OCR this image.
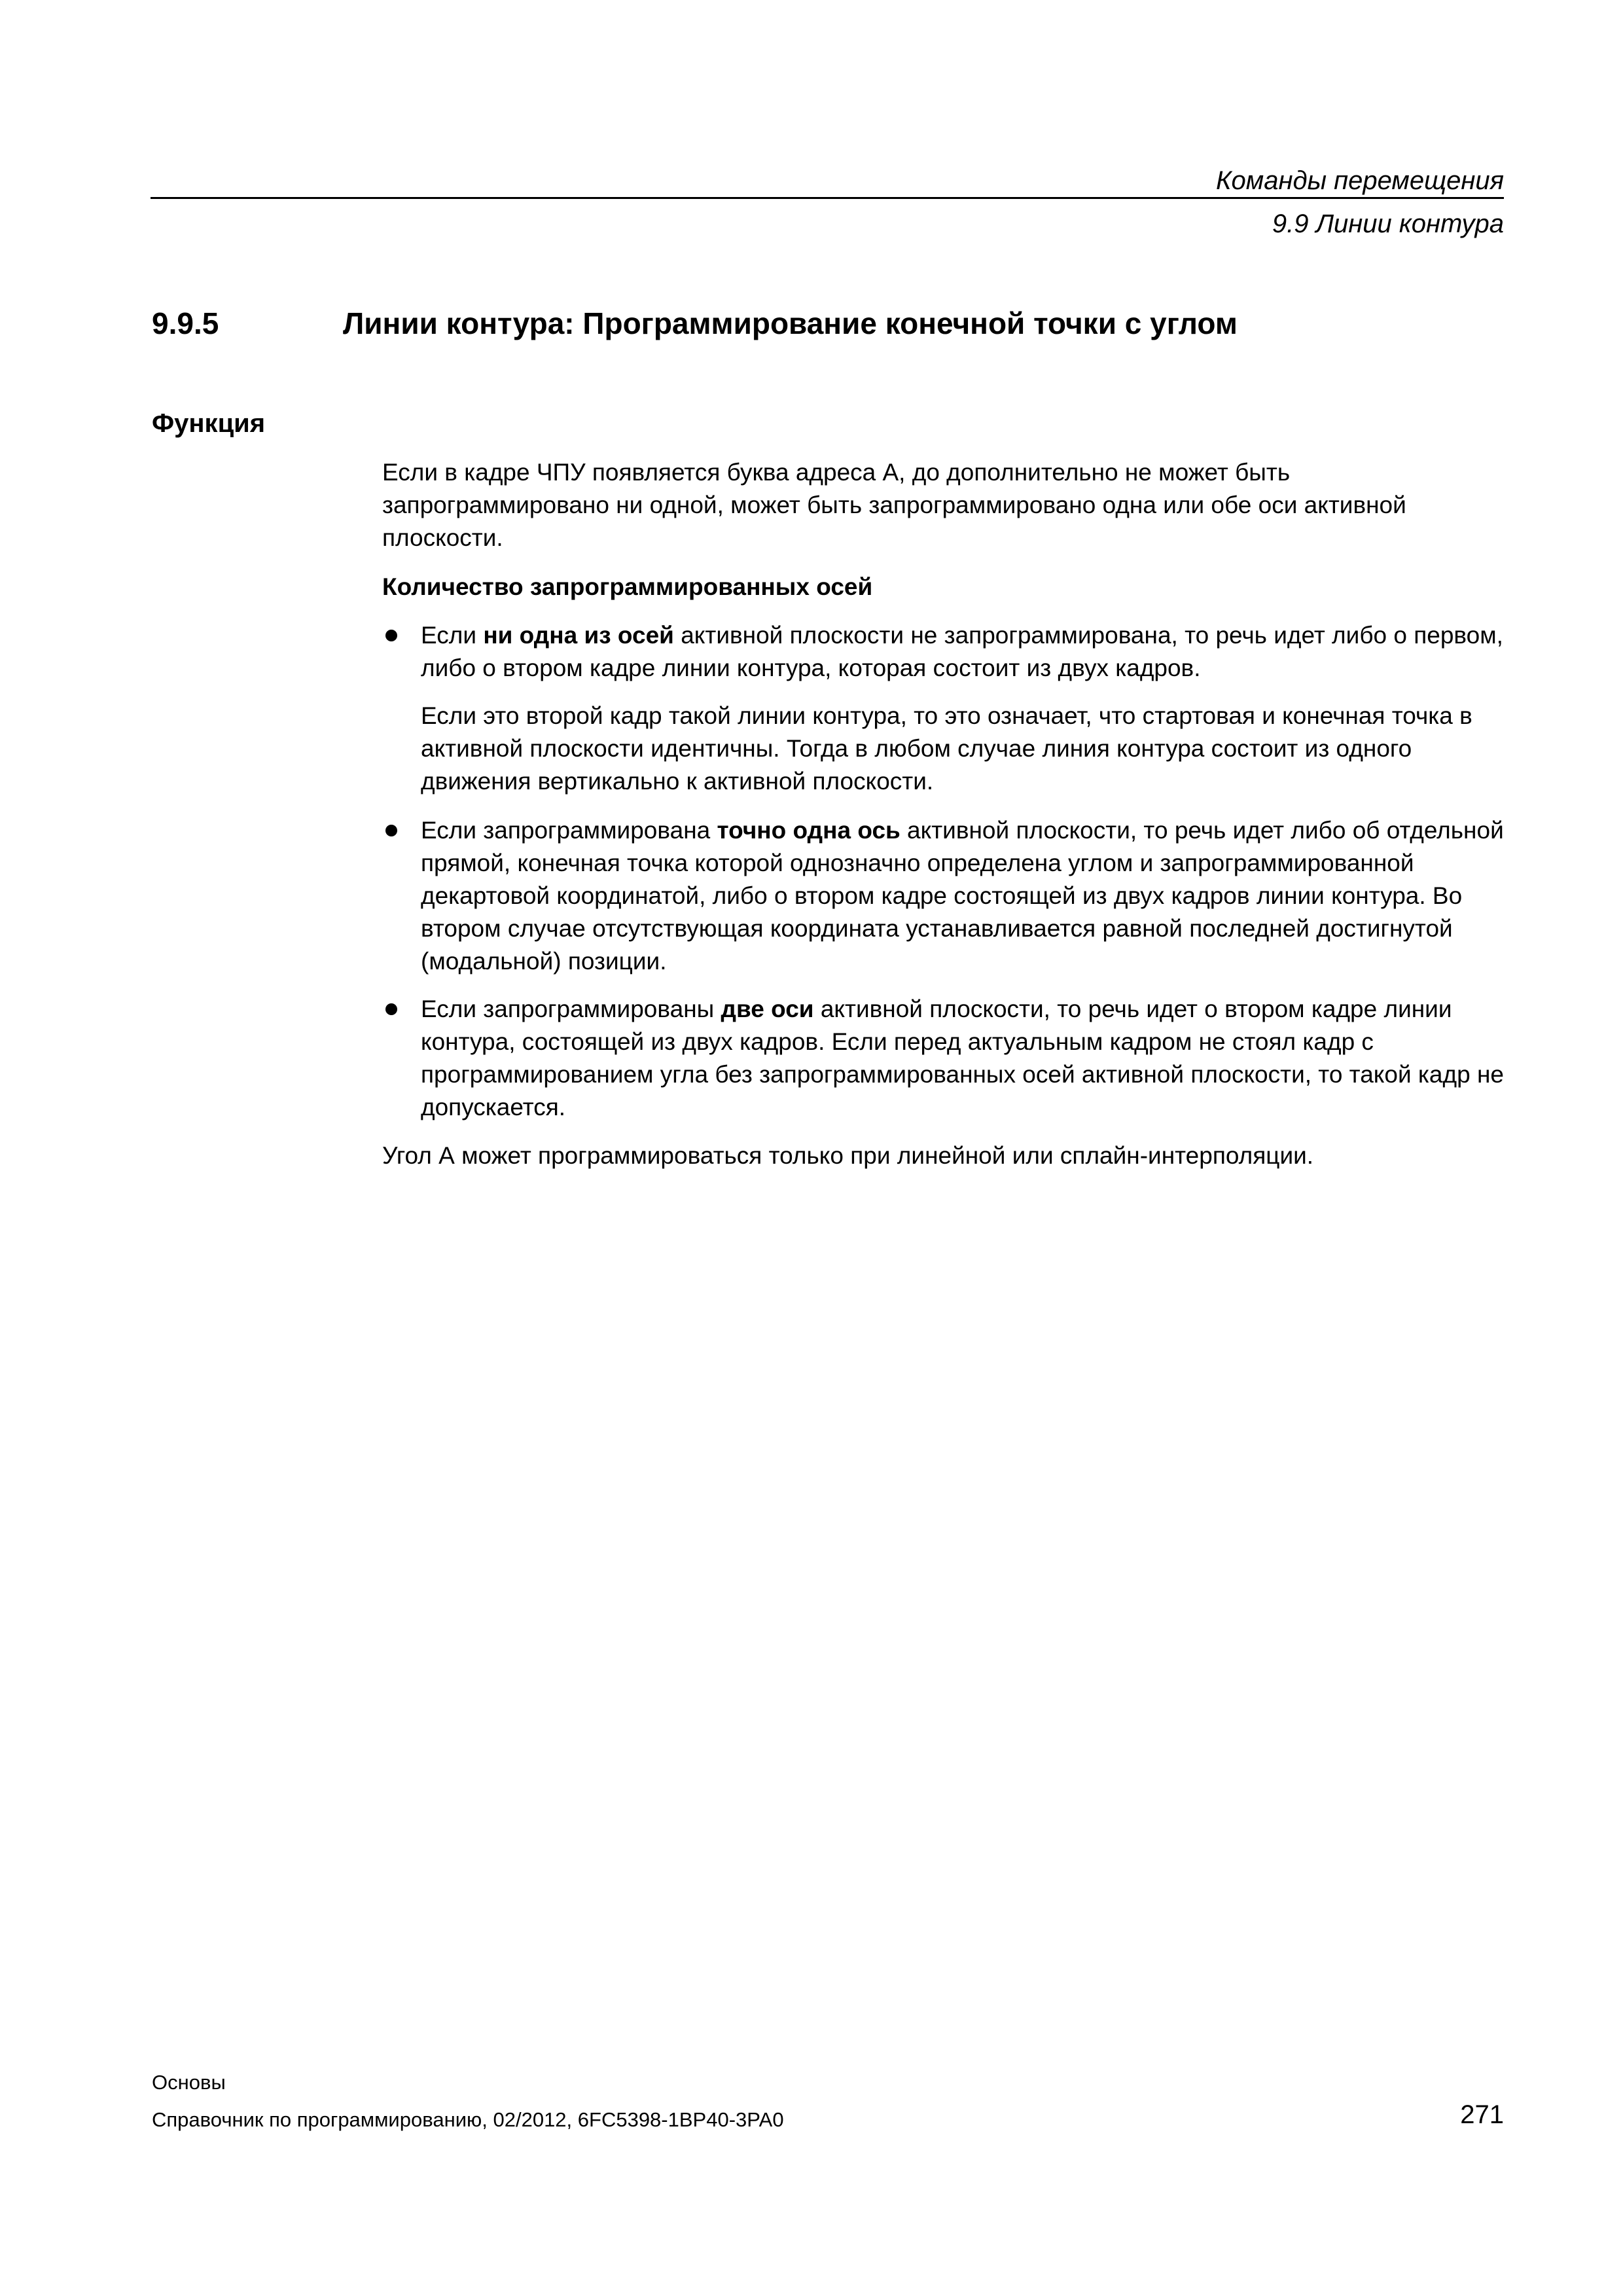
Команды перемещения
9.9 Линии контура
9.9.5	Линии контура: Программирование конечной точки с углом
Функция
Если в кадре ЧПУ появляется буква адреса А, до дополнительно не может быть запрограммировано ни одной, может быть запрограммировано одна или обе оси активной плоскости.
Количество запрограммированных осей
Если ни одна из осей активной плоскости не запрограммирована, то речь идет либо о первом, либо о втором кадре линии контура, которая состоит из двух кадров.
Если это второй кадр такой линии контура, то это означает, что стартовая и конечная точка в активной плоскости идентичны. Тогда в любом случае линия контура состоит из одного движения вертикально к активной плоскости.
Если запрограммирована точно одна ось активной плоскости, то речь идет либо об отдельной прямой, конечная точка которой однозначно определена углом и запрограммированной декартовой координатой, либо о втором кадре состоящей из двух кадров линии контура. Во втором случае отсутствующая координата устанавливается равной последней достигнутой (модальной) позиции.
Если запрограммированы две оси активной плоскости, то речь идет о втором кадре линии контура, состоящей из двух кадров. Если перед актуальным кадром не стоял кадр с программированием угла без запрограммированных осей активной плоскости, то такой кадр не допускается.
Угол А может программироваться только при линейной или сплайн-интерполяции.
Основы
Справочник по программированию, 02/2012, 6FC5398-1BP40-3PA0	271
